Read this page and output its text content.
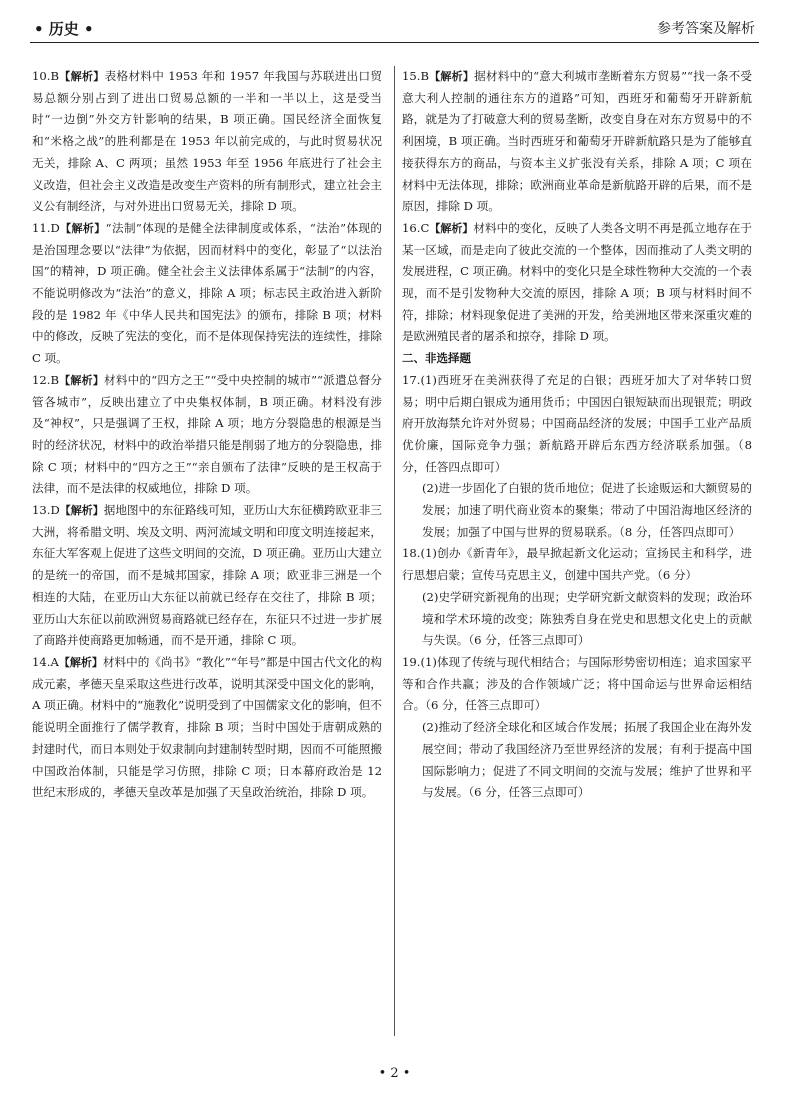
• 历史 •	参考答案及解析
10.B【解析】表格材料中 1953 年和 1957 年我国与苏联进出口贸易总额分别占到了进出口贸易总额的一半和一半以上，这是受当时“一边倒”外交方针影响的结果，B 项正确。国民经济全面恢复和“米格之战”的胜利都是在 1953 年以前完成的，与此时贸易状况无关，排除 A、C 两项；虽然 1953 年至 1956 年底进行了社会主义改造，但社会主义改造是改变生产资料的所有制形式，建立社会主义公有制经济，与对外进出口贸易无关，排除 D 项。
11.D【解析】“法制”体现的是健全法律制度或体系，“法治”体现的是治国理念要以“法律”为依据，因而材料中的变化，彰显了“以法治国”的精神，D 项正确。健全社会主义法律体系属于“法制”的内容，不能说明修改为“法治”的意义，排除 A 项；标志民主政治进入新阶段的是 1982 年《中华人民共和国宪法》的颁布，排除 B 项；材料中的修改，反映了宪法的变化，而不是体现保持宪法的连续性，排除 C 项。
12.B【解析】材料中的“四方之王”“受中央控制的城市”“派遣总督分管各城市”，反映出建立了中央集权体制，B 项正确。材料没有涉及“神权”，只是强调了王权，排除 A 项；地方分裂隐患的根源是当时的经济状况，材料中的政治举措只能是削弱了地方的分裂隐患，排除 C 项；材料中的“四方之王”“亲自颁布了法律”反映的是王权高于法律，而不是法律的权威地位，排除 D 项。
13.D【解析】据地图中的东征路线可知，亚历山大东征横跨欧亚非三大洲，将希腊文明、埃及文明、两河流域文明和印度文明连接起来，东征大军客观上促进了这些文明间的交流，D 项正确。亚历山大建立的是统一的帝国，而不是城邦国家，排除 A 项；欧亚非三洲是一个相连的大陆，在亚历山大东征以前就已经存在交往了，排除 B 项；亚历山大东征以前欧洲贸易商路就已经存在，东征只不过进一步扩展了商路并使商路更加畅通，而不是开通，排除 C 项。
14.A【解析】材料中的《尚书》“教化”“年号”都是中国古代文化的构成元素，孝德天皇采取这些进行改革，说明其深受中国文化的影响，A 项正确。材料中的“施教化”说明受到了中国儒家文化的影响，但不能说明全面推行了儒学教育，排除 B 项；当时中国处于唐朝成熟的封建时代，而日本则处于奴隶制向封建制转型时期，因而不可能照搬中国政治体制，只能是学习仿照，排除 C 项；日本幕府政治是 12 世纪末形成的，孝德天皇改革是加强了天皇政治统治，排除 D 项。
15.B【解析】据材料中的“意大利城市垄断着东方贸易”“找一条不受意大利人控制的通往东方的道路”可知，西班牙和葡萄牙开辟新航路，就是为了打破意大利的贸易垄断，改变自身在对东方贸易中的不利困境，B 项正确。当时西班牙和葡萄牙开辟新航路只是为了能够直接获得东方的商品，与资本主义扩张没有关系，排除 A 项；C 项在材料中无法体现，排除；欧洲商业革命是新航路开辟的后果，而不是原因，排除 D 项。
16.C【解析】材料中的变化，反映了人类各文明不再是孤立地存在于某一区域，而是走向了彼此交流的一个整体，因而推动了人类文明的发展进程，C 项正确。材料中的变化只是全球性物种大交流的一个表现，而不是引发物种大交流的原因，排除 A 项；B 项与材料时间不符，排除；材料现象促进了美洲的开发，给美洲地区带来深重灾难的是欧洲殖民者的屠杀和掠夺，排除 D 项。
二、非选择题
17.(1)西班牙在美洲获得了充足的白银；西班牙加大了对华转口贸易；明中后期白银成为通用货币；中国因白银短缺而出现银荒；明政府开放海禁允许对外贸易；中国商品经济的发展；中国手工业产品质优价廉，国际竞争力强；新航路开辟后东西方经济联系加强。（8 分，任答四点即可）
(2)进一步固化了白银的货币地位；促进了长途贩运和大额贸易的发展；加速了明代商业资本的聚集；带动了中国沿海地区经济的发展；加强了中国与世界的贸易联系。（8 分，任答四点即可）
18.(1)创办《新青年》，最早掀起新文化运动；宣扬民主和科学，进行思想启蒙；宣传马克思主义，创建中国共产党。（6 分）
(2)史学研究新视角的出现；史学研究新文献资料的发现；政治环境和学术环境的改变；陈独秀自身在党史和思想文化史上的贡献与失误。（6 分，任答三点即可）
19.(1)体现了传统与现代相结合；与国际形势密切相连；追求国家平等和合作共赢；涉及的合作领域广泛；将中国命运与世界命运相结合。（6 分，任答三点即可）
(2)推动了经济全球化和区域合作发展；拓展了我国企业在海外发展空间；带动了我国经济乃至世界经济的发展；有利于提高中国国际影响力；促进了不同文明间的交流与发展；维护了世界和平与发展。（6 分，任答三点即可）
• 2 •
